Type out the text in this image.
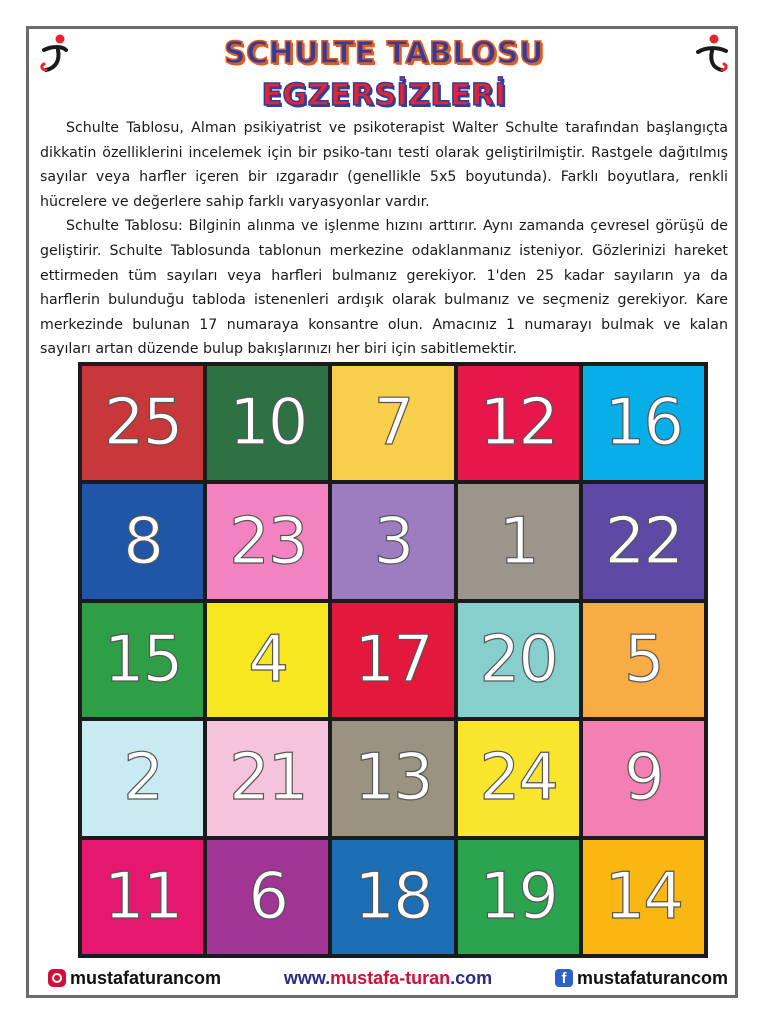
SCHULTE TABLOSU
EGZERSİZLERİ

Schulte Tablosu, Alman psikiyatrist ve psikoterapist Walter Schulte tarafından başlangıçta dikkatin özelliklerini incelemek için bir psiko-tanı testi olarak geliştirilmiştir. Rastgele dağıtılmış sayılar veya harfler içeren bir ızgaradır (genellikle 5x5 boyutunda). Farklı boyutlara, renkli hücrelere ve değerlere sahip farklı varyasyonlar vardır.

Schulte Tablosu: Bilginin alınma ve işlenme hızını arttırır. Aynı zamanda çevresel görüşü de geliştirir. Schulte Tablosunda tablonun merkezine odaklanmanız isteniyor. Gözlerinizi hareket ettirmeden tüm sayıları veya harfleri bulmanız gerekiyor. 1'den 25 kadar sayıların ya da harflerin bulunduğu tabloda istenenleri ardışık olarak bulmanız ve seçmeniz gerekiyor. Kare merkezinde bulunan 17 numaraya konsantre olun. Amacınız 1 numarayı bulmak ve kalan sayıları artan düzende bulup bakışlarınızı her biri için sabitlemektir.

25 10	7	12 16
8	23	3	1	22
15	4	17 20	5
2	21 13 24	9
11	6	18 19 14
mustafaturancom	www.mustafa-turan.com	f mustafaturancom
